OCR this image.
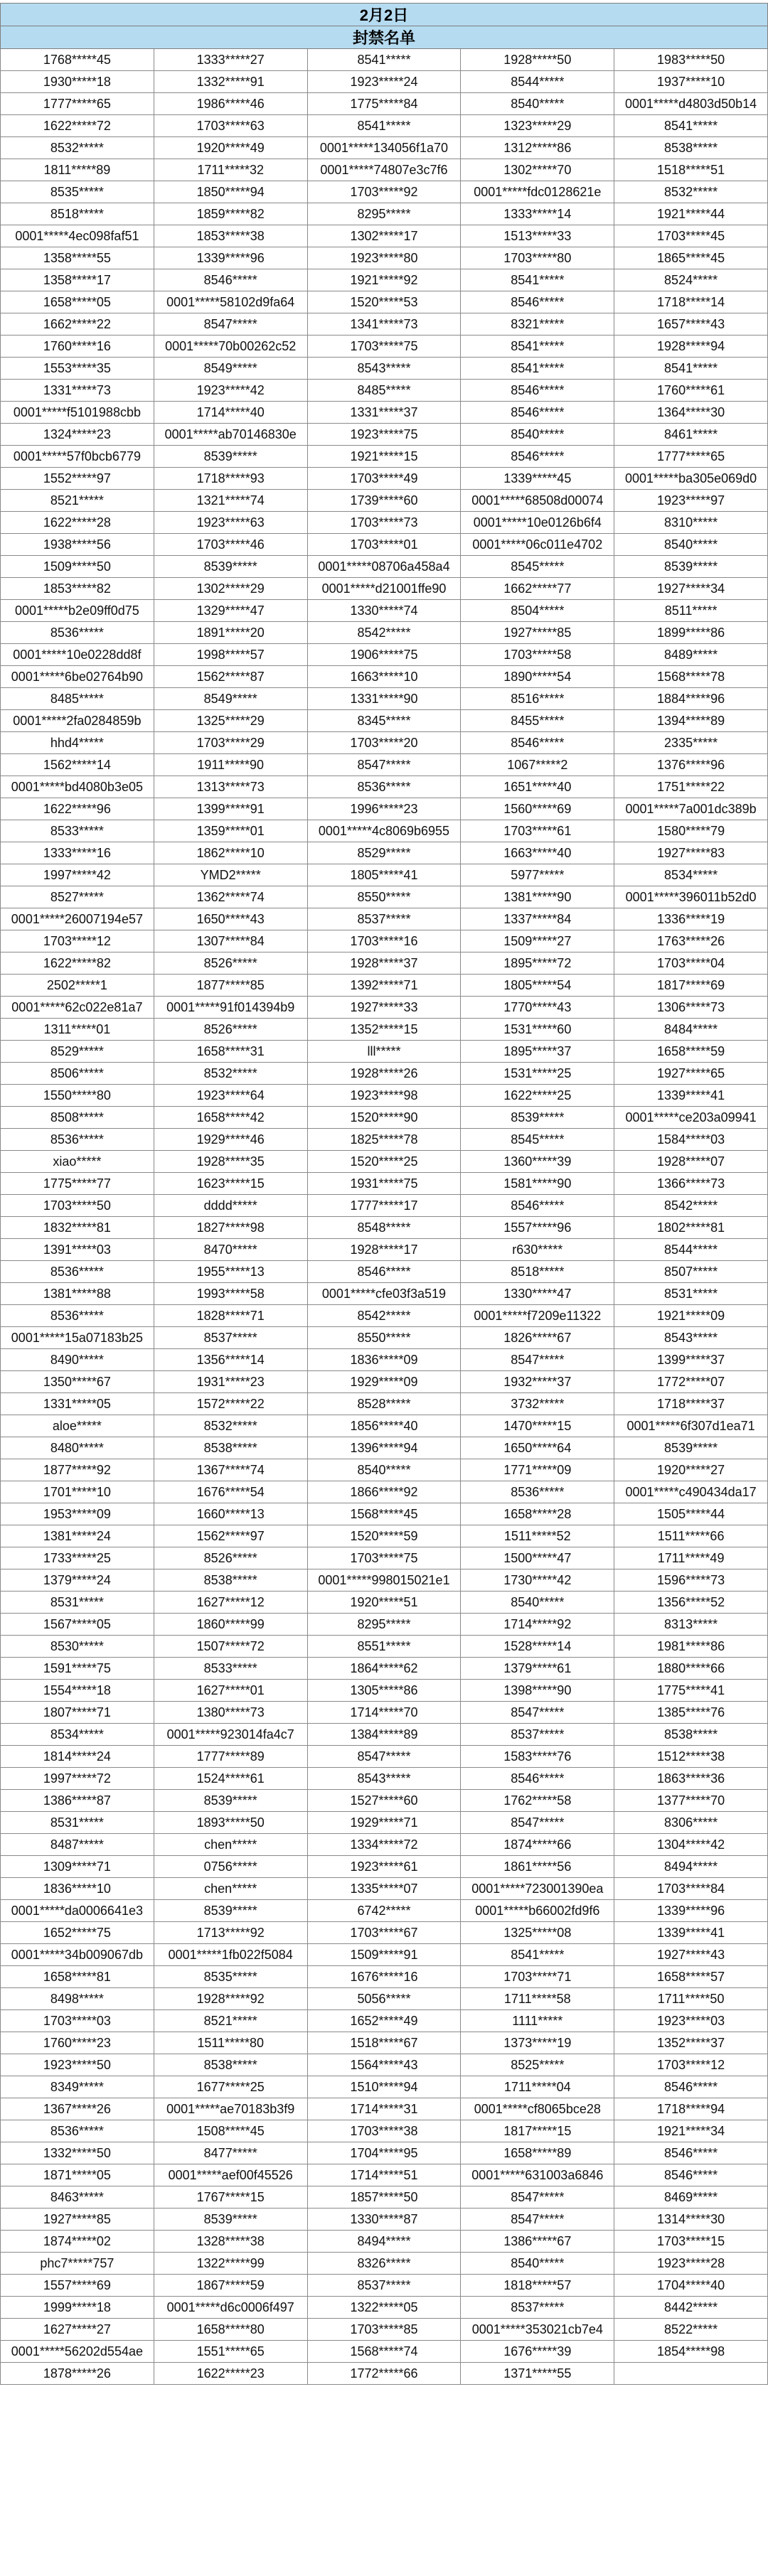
2月2日				
封禁名单				
1768*****45	1333*****27	8541*****	1928*****50	1983*****50
1930*****18	1332*****91	1923*****24	8544*****	1937*****10
1777*****65	1986*****46	1775*****84	8540*****	0001*****d4803d50b14
1622*****72	1703*****63	8541*****	1323*****29	8541*****
8532*****	1920*****49	0001*****134056f1a70	1312*****86	8538*****
1811*****89	1711*****32	0001*****74807e3c7f6	1302*****70	1518*****51
8535*****	1850*****94	1703*****92	0001*****fdc0128621e	8532*****
8518*****	1859*****82	8295*****	1333*****14	1921*****44
0001*****4ec098faf51	1853*****38	1302*****17	1513*****33	1703*****45
1358*****55	1339*****96	1923*****80	1703*****80	1865*****45
1358*****17	8546*****	1921*****92	8541*****	8524*****
1658*****05	0001*****58102d9fa64	1520*****53	8546*****	1718*****14
1662*****22	8547*****	1341*****73	8321*****	1657*****43
1760*****16	0001*****70b00262c52	1703*****75	8541*****	1928*****94
1553*****35	8549*****	8543*****	8541*****	8541*****
1331*****73	1923*****42	8485*****	8546*****	1760*****61
0001*****f5101988cbb	1714*****40	1331*****37	8546*****	1364*****30
1324*****23	0001*****ab70146830e	1923*****75	8540*****	8461*****
0001*****57f0bcb6779	8539*****	1921*****15	8546*****	1777*****65
1552*****97	1718*****93	1703*****49	1339*****45	0001*****ba305e069d0
8521*****	1321*****74	1739*****60	0001*****68508d00074	1923*****97
1622*****28	1923*****63	1703*****73	0001*****10e0126b6f4	8310*****
1938*****56	1703*****46	1703*****01	0001*****06c011e4702	8540*****
1509*****50	8539*****	0001*****08706a458a4	8545*****	8539*****
1853*****82	1302*****29	0001*****d21001ffe90	1662*****77	1927*****34
0001*****b2e09ff0d75	1329*****47	1330*****74	8504*****	8511*****
8536*****	1891*****20	8542*****	1927*****85	1899*****86
0001*****10e0228dd8f	1998*****57	1906*****75	1703*****58	8489*****
0001*****6be02764b90	1562*****87	1663*****10	1890*****54	1568*****78
8485*****	8549*****	1331*****90	8516*****	1884*****96
0001*****2fa0284859b	1325*****29	8345*****	8455*****	1394*****89
hhd4*****	1703*****29	1703*****20	8546*****	2335*****
1562*****14	1911*****90	8547*****	1067*****2	1376*****96
0001*****bd4080b3e05	1313*****73	8536*****	1651*****40	1751*****22
1622*****96	1399*****91	1996*****23	1560*****69	0001*****7a001dc389b
8533*****	1359*****01	0001*****4c8069b6955	1703*****61	1580*****79
1333*****16	1862*****10	8529*****	1663*****40	1927*****83
1997*****42	YMD2*****	1805*****41	5977*****	8534*****
8527*****	1362*****74	8550*****	1381*****90	0001*****396011b52d0
0001*****26007194e57	1650*****43	8537*****	1337*****84	1336*****19
1703*****12	1307*****84	1703*****16	1509*****27	1763*****26
1622*****82	8526*****	1928*****37	1895*****72	1703*****04
2502*****1	1877*****85	1392*****71	1805*****54	1817*****69
0001*****62c022e81a7	0001*****91f014394b9	1927*****33	1770*****43	1306*****73
1311*****01	8526*****	1352*****15	1531*****60	8484*****
8529*****	1658*****31	lll*****	1895*****37	1658*****59
8506*****	8532*****	1928*****26	1531*****25	1927*****65
1550*****80	1923*****64	1923*****98	1622*****25	1339*****41
8508*****	1658*****42	1520*****90	8539*****	0001*****ce203a09941
8536*****	1929*****46	1825*****78	8545*****	1584*****03
xiao*****	1928*****35	1520*****25	1360*****39	1928*****07
1775*****77	1623*****15	1931*****75	1581*****90	1366*****73
1703*****50	dddd*****	1777*****17	8546*****	8542*****
1832*****81	1827*****98	8548*****	1557*****96	1802*****81
1391*****03	8470*****	1928*****17	r630*****	8544*****
8536*****	1955*****13	8546*****	8518*****	8507*****
1381*****88	1993*****58	0001*****cfe03f3a519	1330*****47	8531*****
8536*****	1828*****71	8542*****	0001*****f7209e11322	1921*****09
0001*****15a07183b25	8537*****	8550*****	1826*****67	8543*****
8490*****	1356*****14	1836*****09	8547*****	1399*****37
1350*****67	1931*****23	1929*****09	1932*****37	1772*****07
1331*****05	1572*****22	8528*****	3732*****	1718*****37
aloe*****	8532*****	1856*****40	1470*****15	0001*****6f307d1ea71
8480*****	8538*****	1396*****94	1650*****64	8539*****
1877*****92	1367*****74	8540*****	1771*****09	1920*****27
1701*****10	1676*****54	1866*****92	8536*****	0001*****c490434da17
1953*****09	1660*****13	1568*****45	1658*****28	1505*****44
1381*****24	1562*****97	1520*****59	1511*****52	1511*****66
1733*****25	8526*****	1703*****75	1500*****47	1711*****49
1379*****24	8538*****	0001*****998015021e1	1730*****42	1596*****73
8531*****	1627*****12	1920*****51	8540*****	1356*****52
1567*****05	1860*****99	8295*****	1714*****92	8313*****
8530*****	1507*****72	8551*****	1528*****14	1981*****86
1591*****75	8533*****	1864*****62	1379*****61	1880*****66
1554*****18	1627*****01	1305*****86	1398*****90	1775*****41
1807*****71	1380*****73	1714*****70	8547*****	1385*****76
8534*****	0001*****923014fa4c7	1384*****89	8537*****	8538*****
1814*****24	1777*****89	8547*****	1583*****76	1512*****38
1997*****72	1524*****61	8543*****	8546*****	1863*****36
1386*****87	8539*****	1527*****60	1762*****58	1377*****70
8531*****	1893*****50	1929*****71	8547*****	8306*****
8487*****	chen*****	1334*****72	1874*****66	1304*****42
1309*****71	0756*****	1923*****61	1861*****56	8494*****
1836*****10	chen*****	1335*****07	0001*****723001390ea	1703*****84
0001*****da0006641e3	8539*****	6742*****	0001*****b66002fd9f6	1339*****96
1652*****75	1713*****92	1703*****67	1325*****08	1339*****41
0001*****34b009067db	0001*****1fb022f5084	1509*****91	8541*****	1927*****43
1658*****81	8535*****	1676*****16	1703*****71	1658*****57
8498*****	1928*****92	5056*****	1711*****58	1711*****50
1703*****03	8521*****	1652*****49	1111*****	1923*****03
1760*****23	1511*****80	1518*****67	1373*****19	1352*****37
1923*****50	8538*****	1564*****43	8525*****	1703*****12
8349*****	1677*****25	1510*****94	1711*****04	8546*****
1367*****26	0001*****ae70183b3f9	1714*****31	0001*****cf8065bce28	1718*****94
8536*****	1508*****45	1703*****38	1817*****15	1921*****34
1332*****50	8477*****	1704*****95	1658*****89	8546*****
1871*****05	0001*****aef00f45526	1714*****51	0001*****631003a6846	8546*****
8463*****	1767*****15	1857*****50	8547*****	8469*****
1927*****85	8539*****	1330*****87	8547*****	1314*****30
1874*****02	1328*****38	8494*****	1386*****67	1703*****15
phc7*****757	1322*****99	8326*****	8540*****	1923*****28
1557*****69	1867*****59	8537*****	1818*****57	1704*****40
1999*****18	0001*****d6c0006f497	1322*****05	8537*****	8442*****
1627*****27	1658*****80	1703*****85	0001*****353021cb7e4	8522*****
0001*****56202d554ae	1551*****65	1568*****74	1676*****39	1854*****98
1878*****26	1622*****23	1772*****66	1371*****55	
